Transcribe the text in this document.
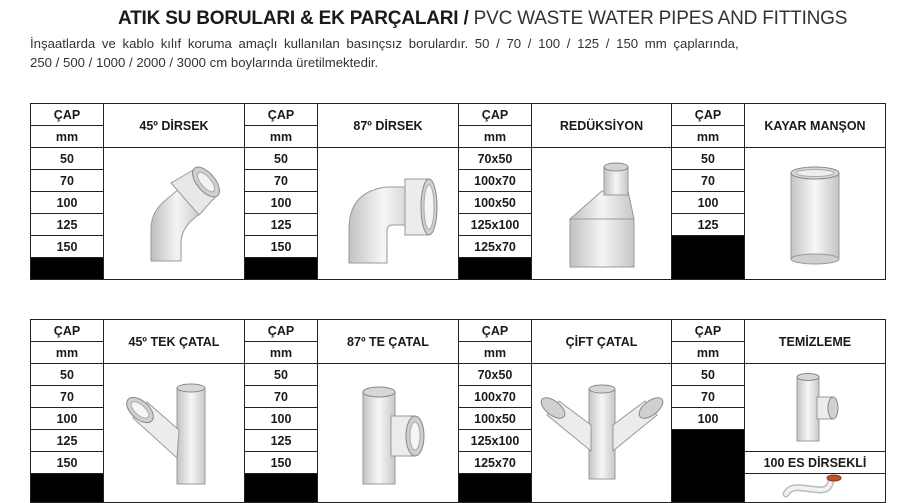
ATIK SU BORULARI & EK PARÇALARI / PVC WASTE WATER PIPES AND FITTINGS
İnşaatlarda ve kablo kılıf koruma amaçlı kullanılan basınçsız borulardır. 50 / 70 / 100 / 125 / 150 mm çaplarında,
250 / 500 / 1000 / 2000 / 3000 cm boylarında üretilmektedir.
ÇAP	45º DİRSEK	ÇAP	87º DİRSEK	ÇAP	REDÜKSİYON	ÇAP	KAYAR MANŞON
mm		mm		mm		mm	
50		50		70x50		50	

70		70		100x70		70	
100		100		100x50		100	
125		125		125x100		125	
150		150		125x70			

ÇAP	45º TEK ÇATAL	ÇAP	87º TE ÇATAL	ÇAP	ÇİFT ÇATAL	ÇAP	TEMİZLEME
mm		mm		mm		mm	
50		50		70x50		50	

70		70		100x70		70	
100		100		100x50		100	
125		125		125x100			
150		150		125x70			100 ES DİRSEKLİ
